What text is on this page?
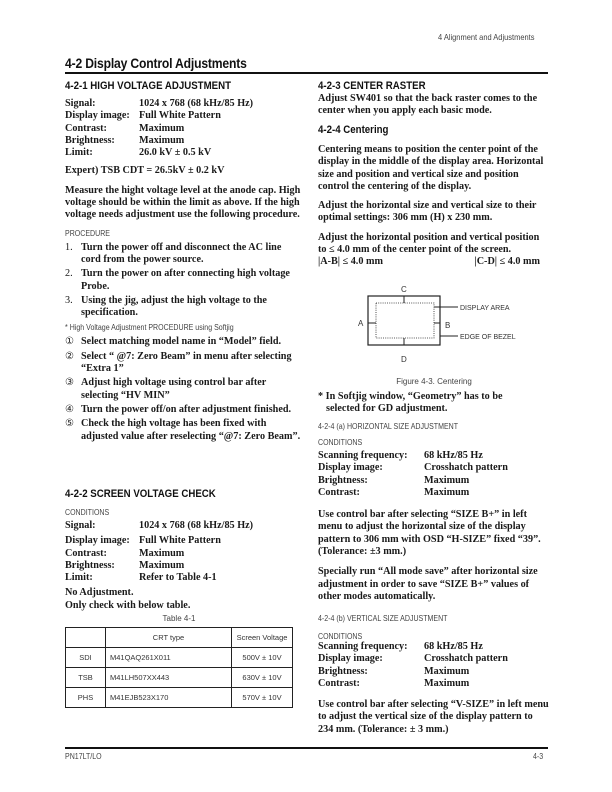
4 Alignment and Adjustments
4-2 Display Control Adjustments
4-2-1 HIGH VOLTAGE ADJUSTMENT
Signal:	1024 x 768 (68 kHz/85 Hz)
Display image: Full White Pattern
Contrast:	Maximum
Brightness:	Maximum
Limit:	26.0 kV ± 0.5 kV
Expert) TSB CDT = 26.5kV ± 0.2 kV
Measure the hight voltage level at the anode cap. High voltage should be within the limit as above. If the high voltage needs adjustment use the following procedure.
PROCEDURE
1. Turn the power off and disconnect the AC line cord from the power source.
2. Turn the power on after connecting high voltage Probe.
3. Using the jig, adjust the high voltage to the specification.
* High Voltage Adjustment PROCEDURE using Softjig
① Select matching model name in “Model” field.
② Select “ @7: Zero Beam” in menu after selecting “Extra 1”
③ Adjust high voltage using control bar after selecting “HV MIN”
④ Turn the power off/on after adjustment finished.
⑤ Check the high voltage has been fixed with adjusted value after reselecting “@7: Zero Beam”.
4-2-2 SCREEN VOLTAGE CHECK
CONDITIONS
Signal:	1024 x 768 (68 kHz/85 Hz)
Display image: Full White Pattern
Contrast:	Maximum
Brightness:	Maximum
Limit:	Refer to Table 4-1
No Adjustment.
Only check with below table.
Table 4-1
	CRT type	Screen Voltage
SDI	M41QAQ261X011	500V ± 10V
TSB	M41LH507XX443	630V ± 10V
PHS	M41EJB523X170	570V ± 10V
4-2-3 CENTER RASTER
Adjust SW401 so that the back raster comes to the center when you apply each basic mode.
4-2-4 Centering
Centering means to position the center point of the display in the middle of the display area. Horizontal size and position and vertical size and position control the centering of the display.
Adjust the horizontal size and vertical size to their optimal settings: 306 mm (H) x 230 mm.
Adjust the horizontal position and vertical position to ≤ 4.0 mm of the center point of the screen.
|A-B| ≤ 4.0 mm	|C-D| ≤ 4.0 mm
C
D
A	B
DISPLAY AREA
EDGE OF BEZEL
Figure 4-3. Centering
* In Softjig window, “Geometry” has to be selected for GD adjustment.
4-2-4 (a) HORIZONTAL SIZE ADJUSTMENT
CONDITIONS
Scanning frequency:	68 kHz/85 Hz
Display image:	Crosshatch pattern
Brightness:	Maximum
Contrast:	Maximum
Use control bar after selecting “SIZE B+” in left menu to adjust the horizontal size of the display pattern to 306 mm with OSD “H-SIZE” fixed “39”. (Tolerance: ±3 mm.)
Specially run “All mode save” after horizontal size adjustment in order to save “SIZE B+” values of other modes automatically.
4-2-4 (b) VERTICAL SIZE ADJUSTMENT
CONDITIONS
Scanning frequency:	68 kHz/85 Hz
Display image:	Crosshatch pattern
Brightness:	Maximum
Contrast:	Maximum
Use control bar after selecting “V-SIZE” in left menu to adjust the vertical size of the display pattern to 234 mm. (Tolerance: ± 3 mm.)
PN17LT/LO	4-3
